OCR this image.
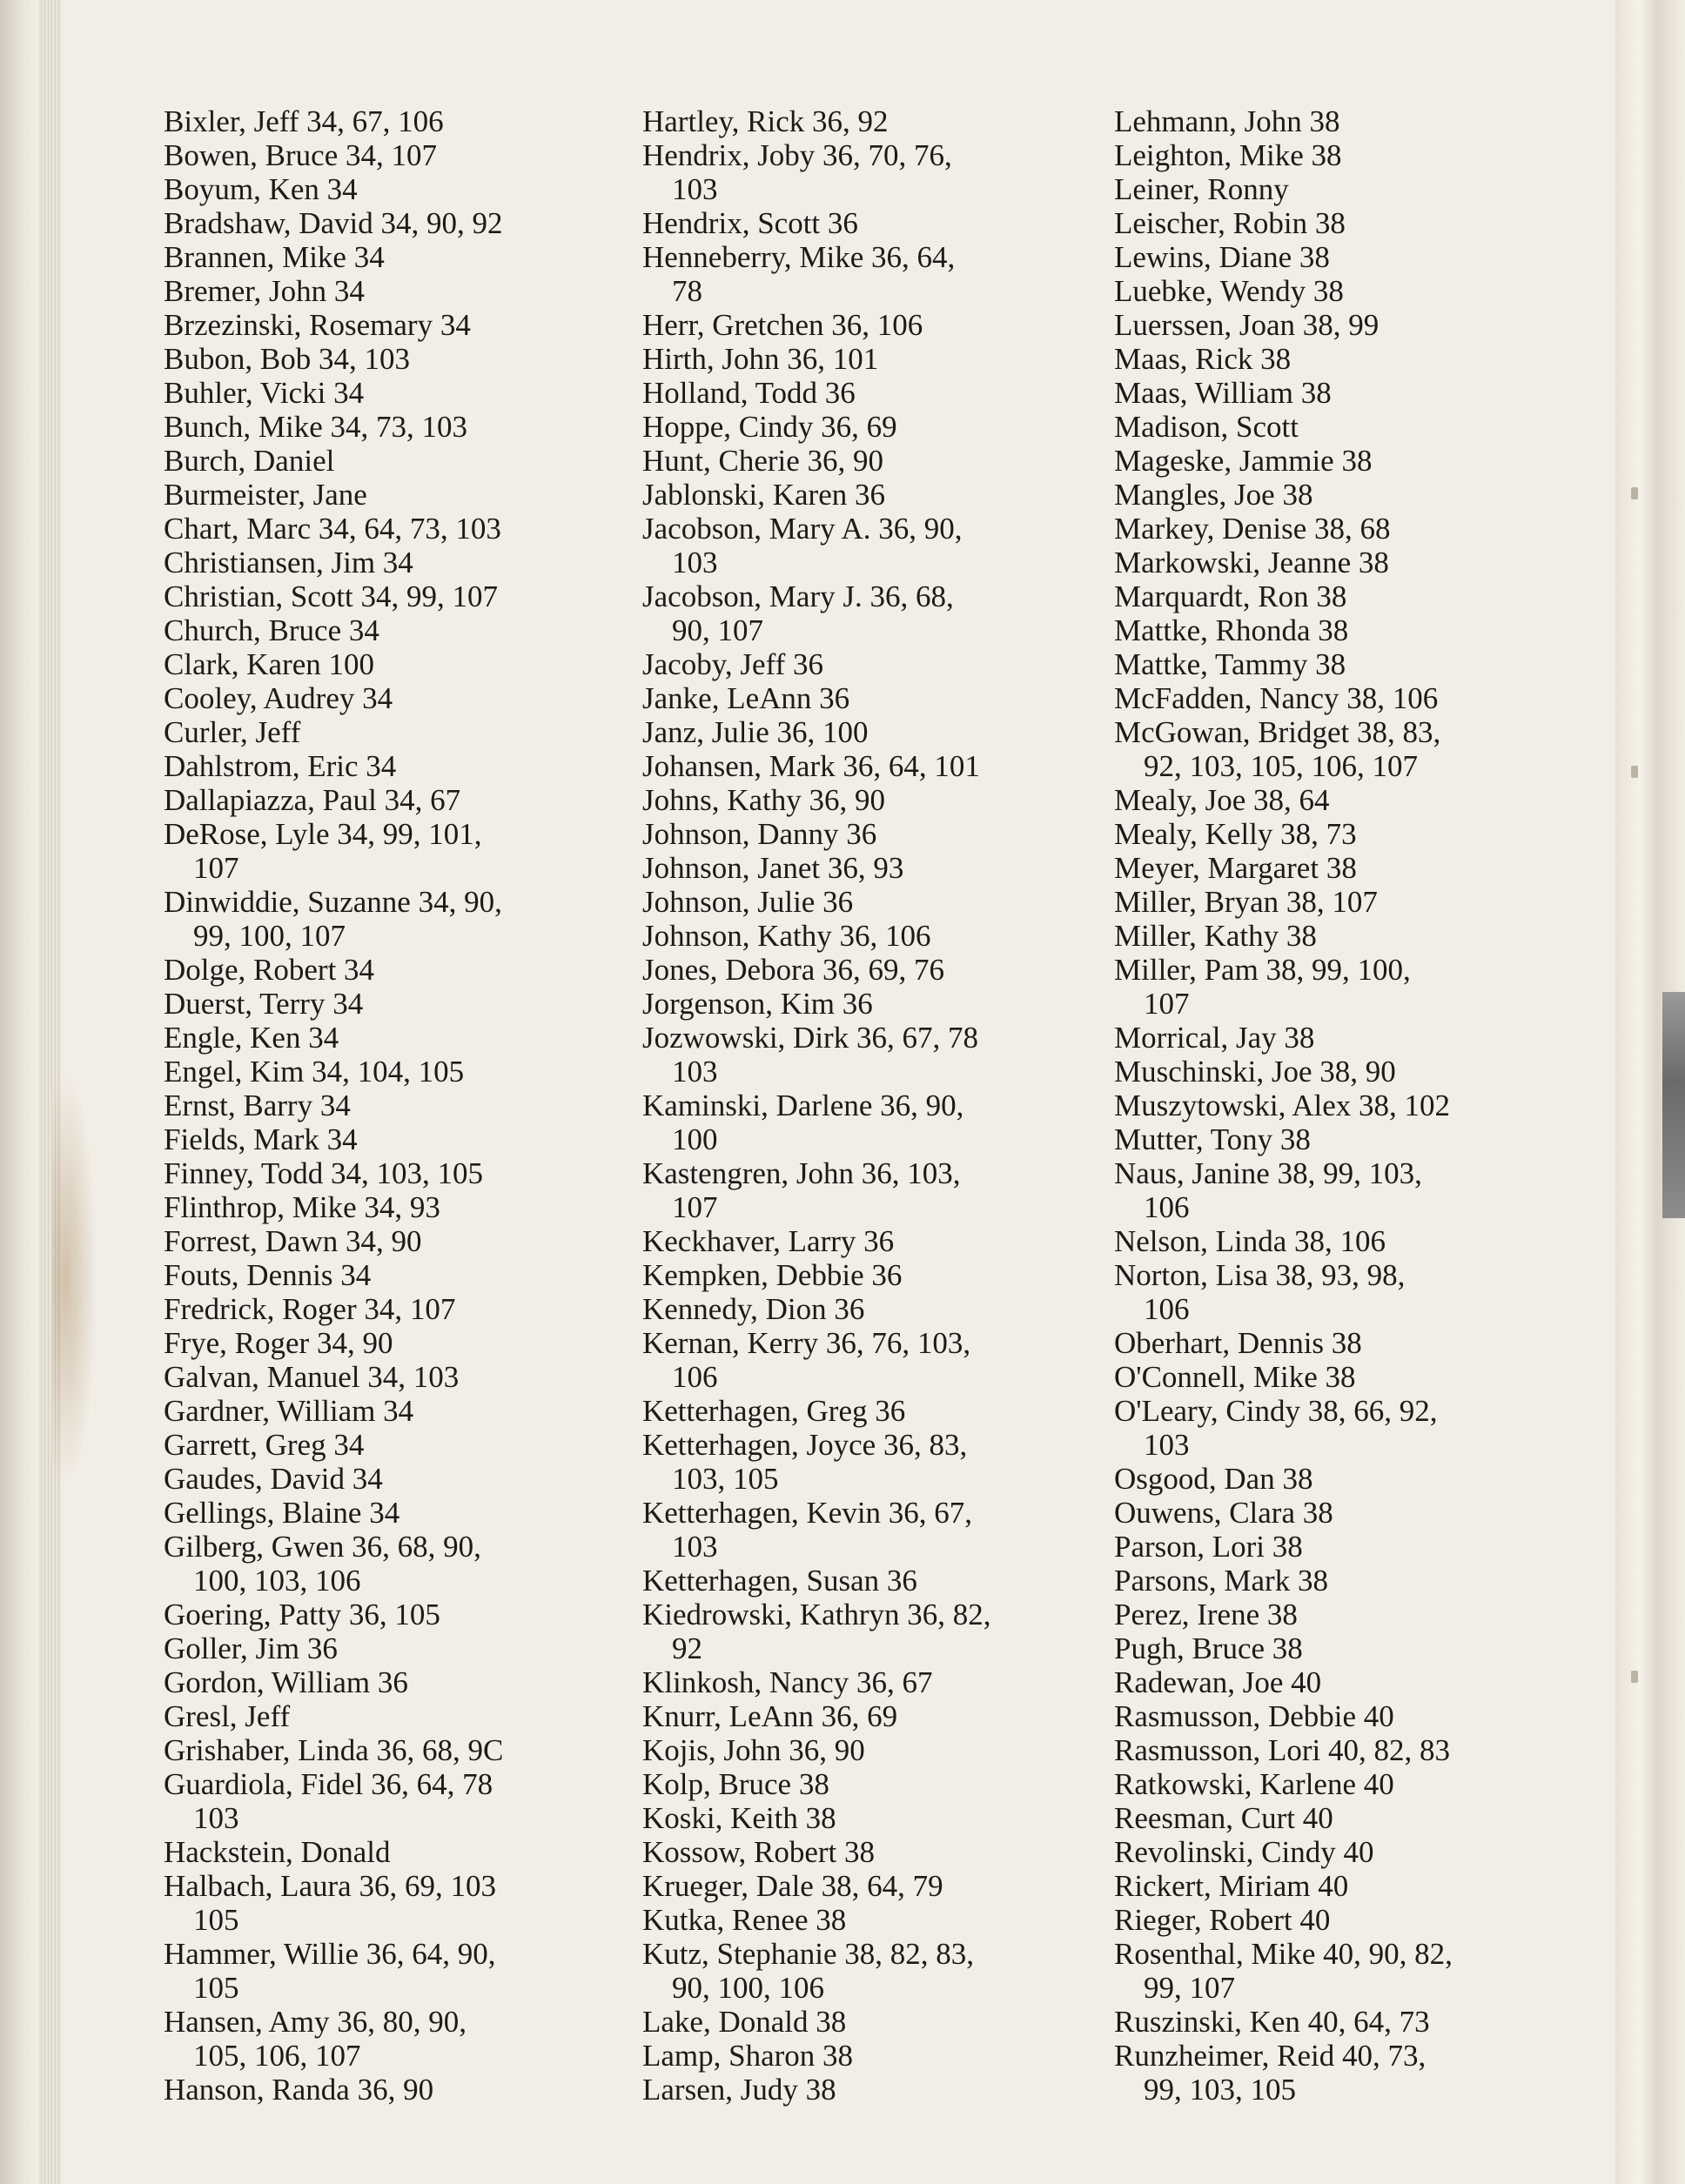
Bixler, Jeff 34, 67, 106
Bowen, Bruce 34, 107
Boyum, Ken 34
Bradshaw, David 34, 90, 92
Brannen, Mike 34
Bremer, John 34
Brzezinski, Rosemary 34
Bubon, Bob 34, 103
Buhler, Vicki 34
Bunch, Mike 34, 73, 103
Burch, Daniel
Burmeister, Jane
Chart, Marc 34, 64, 73, 103
Christiansen, Jim 34
Christian, Scott 34, 99, 107
Church, Bruce 34
Clark, Karen 100
Cooley, Audrey 34
Curler, Jeff
Dahlstrom, Eric 34
Dallapiazza, Paul 34, 67
DeRose, Lyle 34, 99, 101,
107
Dinwiddie, Suzanne 34, 90,
99, 100, 107
Dolge, Robert 34
Duerst, Terry 34
Engle, Ken 34
Engel, Kim 34, 104, 105
Ernst, Barry 34
Fields, Mark 34
Finney, Todd 34, 103, 105
Flinthrop, Mike 34, 93
Forrest, Dawn 34, 90
Fouts, Dennis 34
Fredrick, Roger 34, 107
Frye, Roger 34, 90
Galvan, Manuel 34, 103
Gardner, William 34
Garrett, Greg 34
Gaudes, David 34
Gellings, Blaine 34
Gilberg, Gwen 36, 68, 90,
100, 103, 106
Goering, Patty 36, 105
Goller, Jim 36
Gordon, William 36
Gresl, Jeff
Grishaber, Linda 36, 68, 9C
Guardiola, Fidel 36, 64, 78
103
Hackstein, Donald
Halbach, Laura 36, 69, 103
105
Hammer, Willie 36, 64, 90,
105
Hansen, Amy 36, 80, 90,
105, 106, 107
Hanson, Randa 36, 90
Hartley, Rick 36, 92
Hendrix, Joby 36, 70, 76,
103
Hendrix, Scott 36
Henneberry, Mike 36, 64,
78
Herr, Gretchen 36, 106
Hirth, John 36, 101
Holland, Todd 36
Hoppe, Cindy 36, 69
Hunt, Cherie 36, 90
Jablonski, Karen 36
Jacobson, Mary A. 36, 90,
103
Jacobson, Mary J. 36, 68,
90, 107
Jacoby, Jeff 36
Janke, LeAnn 36
Janz, Julie 36, 100
Johansen, Mark 36, 64, 101
Johns, Kathy 36, 90
Johnson, Danny 36
Johnson, Janet 36, 93
Johnson, Julie 36
Johnson, Kathy 36, 106
Jones, Debora 36, 69, 76
Jorgenson, Kim 36
Jozwowski, Dirk 36, 67, 78
103
Kaminski, Darlene 36, 90,
100
Kastengren, John 36, 103,
107
Keckhaver, Larry 36
Kempken, Debbie 36
Kennedy, Dion 36
Kernan, Kerry 36, 76, 103,
106
Ketterhagen, Greg 36
Ketterhagen, Joyce 36, 83,
103, 105
Ketterhagen, Kevin 36, 67,
103
Ketterhagen, Susan 36
Kiedrowski, Kathryn 36, 82,
92
Klinkosh, Nancy 36, 67
Knurr, LeAnn 36, 69
Kojis, John 36, 90
Kolp, Bruce 38
Koski, Keith 38
Kossow, Robert 38
Krueger, Dale 38, 64, 79
Kutka, Renee 38
Kutz, Stephanie 38, 82, 83,
90, 100, 106
Lake, Donald 38
Lamp, Sharon 38
Larsen, Judy 38
Lehmann, John 38
Leighton, Mike 38
Leiner, Ronny
Leischer, Robin 38
Lewins, Diane 38
Luebke, Wendy 38
Luerssen, Joan 38, 99
Maas, Rick 38
Maas, William 38
Madison, Scott
Mageske, Jammie 38
Mangles, Joe 38
Markey, Denise 38, 68
Markowski, Jeanne 38
Marquardt, Ron 38
Mattke, Rhonda 38
Mattke, Tammy 38
McFadden, Nancy 38, 106
McGowan, Bridget 38, 83,
92, 103, 105, 106, 107
Mealy, Joe 38, 64
Mealy, Kelly 38, 73
Meyer, Margaret 38
Miller, Bryan 38, 107
Miller, Kathy 38
Miller, Pam 38, 99, 100,
107
Morrical, Jay 38
Muschinski, Joe 38, 90
Muszytowski, Alex 38, 102
Mutter, Tony 38
Naus, Janine 38, 99, 103,
106
Nelson, Linda 38, 106
Norton, Lisa 38, 93, 98,
106
Oberhart, Dennis 38
O'Connell, Mike 38
O'Leary, Cindy 38, 66, 92,
103
Osgood, Dan 38
Ouwens, Clara 38
Parson, Lori 38
Parsons, Mark 38
Perez, Irene 38
Pugh, Bruce 38
Radewan, Joe 40
Rasmusson, Debbie 40
Rasmusson, Lori 40, 82, 83
Ratkowski, Karlene 40
Reesman, Curt 40
Revolinski, Cindy 40
Rickert, Miriam 40
Rieger, Robert 40
Rosenthal, Mike 40, 90, 82,
99, 107
Ruszinski, Ken 40, 64, 73
Runzheimer, Reid 40, 73,
99, 103, 105
